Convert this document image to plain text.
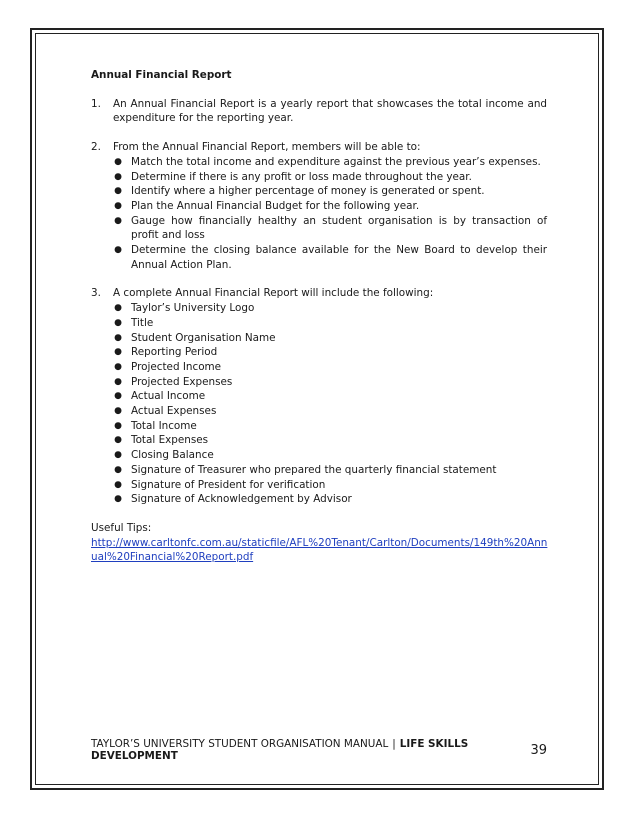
Annual Financial Report
1.	An Annual Financial Report is a yearly report that showcases the total income and expenditure for the reporting year.
2.	From the Annual Financial Report, members will be able to:
● Match the total income and expenditure against the previous year’s expenses.
● Determine if there is any profit or loss made throughout the year.
● Identify where a higher percentage of money is generated or spent.
● Plan the Annual Financial Budget for the following year.
● Gauge how financially healthy an student organisation is by transaction of profit and loss
● Determine the closing balance available for the New Board to develop their Annual Action Plan.
3.	A complete Annual Financial Report will include the following:
● Taylor’s University Logo
● Title
● Student Organisation Name
● Reporting Period
● Projected Income
● Projected Expenses
● Actual Income
● Actual Expenses
● Total Income
● Total Expenses
● Closing Balance
● Signature of Treasurer who prepared the quarterly financial statement
● Signature of President for verification
● Signature of Acknowledgement by Advisor
Useful Tips:
http://www.carltonfc.com.au/staticfile/AFL%20Tenant/Carlton/Documents/149th%20Annual%20Financial%20Report.pdf
TAYLOR’S UNIVERSITY STUDENT ORGANISATION MANUAL | LIFE SKILLS DEVELOPMENT	39
